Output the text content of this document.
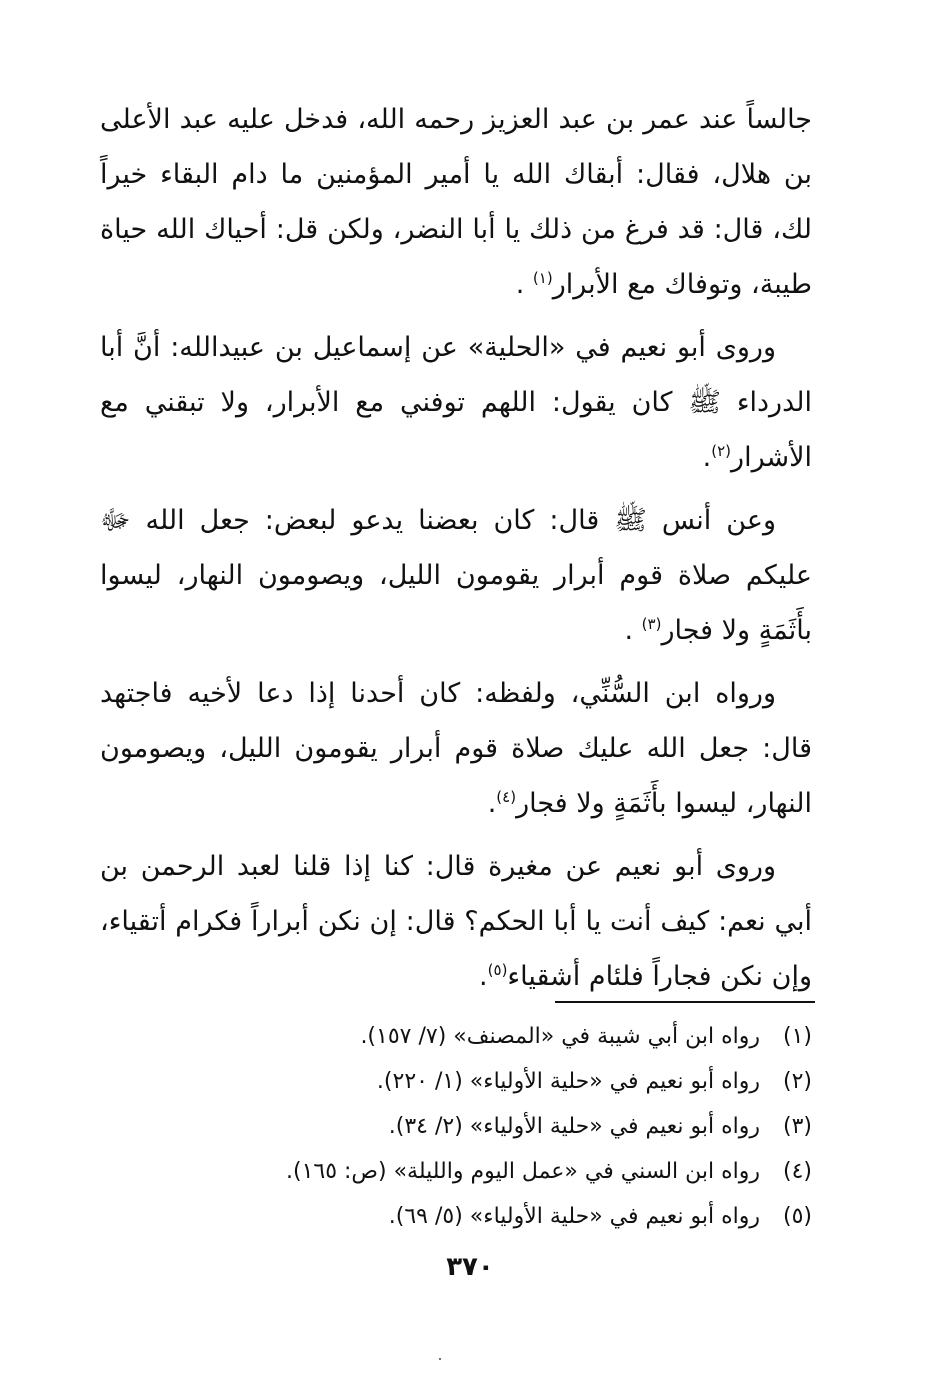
جالساً عند عمر بن عبد العزيز رحمه الله، فدخل عليه عبد الأعلى بن هلال، فقال: أبقاك الله يا أمير المؤمنين ما دام البقاء خيراً لك، قال: قد فرغ من ذلك يا أبا النضر، ولكن قل: أحياك الله حياة طيبة، وتوفاك مع الأبرار$^{(١)}$ .

وروى أبو نعيم في «الحلية» عن إسماعيل بن عبيدالله: أنَّ أبا الدرداء ﷺ كان يقول: اللهم توفني مع الأبرار، ولا تبقني مع الأشرار$^{(٢)}$.

وعن أنس ﷺ قال: كان بعضنا يدعو لبعض: جعل الله ﷻ عليكم صلاة قوم أبرار يقومون الليل، ويصومون النهار، ليسوا بأَثَمَةٍ ولا فجار$^{(٣)}$ .

ورواه ابن السُّنِّي، ولفظه: كان أحدنا إذا دعا لأخيه فاجتهد قال: جعل الله عليك صلاة قوم أبرار يقومون الليل، ويصومون النهار، ليسوا بأَثَمَةٍ ولا فجار$^{(٤)}$.

وروى أبو نعيم عن مغيرة قال: كنا إذا قلنا لعبد الرحمن بن أبي نعم: كيف أنت يا أبا الحكم؟ قال: إن نكن أبراراً فكرام أتقياء، وإن نكن فجاراً فلئام أشقياء$^{(٥)}$.

(١)رواه ابن أبي شيبة في «المصنف» (٧/ ١٥٧).
(٢)رواه أبو نعيم في «حلية الأولياء» (١/ ٢٢٠).
(٣)رواه أبو نعيم في «حلية الأولياء» (٢/ ٣٤).
(٤)رواه ابن السني في «عمل اليوم والليلة» (ص: ١٦٥).
(٥)رواه أبو نعيم في «حلية الأولياء» (٥/ ٦٩).
٣٧٠
